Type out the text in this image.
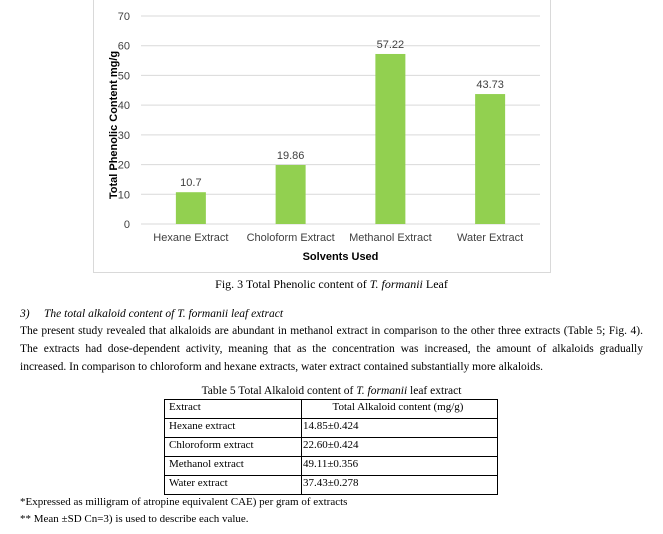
0
10
20
30
40
50
60
70
10.7
Hexane Extract
19.86
Choloform Extract
57.22
Methanol Extract
43.73
Water Extract
Solvents Used
Total Phenolic Content mg/g
Fig. 3 Total Phenolic content of T. formanii Leaf
3) The total alkaloid content of T. formanii leaf extract
The present study revealed that alkaloids are abundant in methanol extract in comparison to the other three extracts (Table 5; Fig. 4). The extracts had dose-dependent activity, meaning that as the concentration was increased, the amount of alkaloids gradually increased. In comparison to chloroform and hexane extracts, water extract contained substantially more alkaloids.
Table 5 Total Alkaloid content of T. formanii leaf extract
Extract	Total Alkaloid content (mg/g)
Hexane extract	14.85±0.424
Chloroform extract	22.60±0.424
Methanol extract	49.11±0.356
Water extract	37.43±0.278
*Expressed as milligram of atropine equivalent CAE) per gram of extracts
** Mean ±SD Cn=3) is used to describe each value.
